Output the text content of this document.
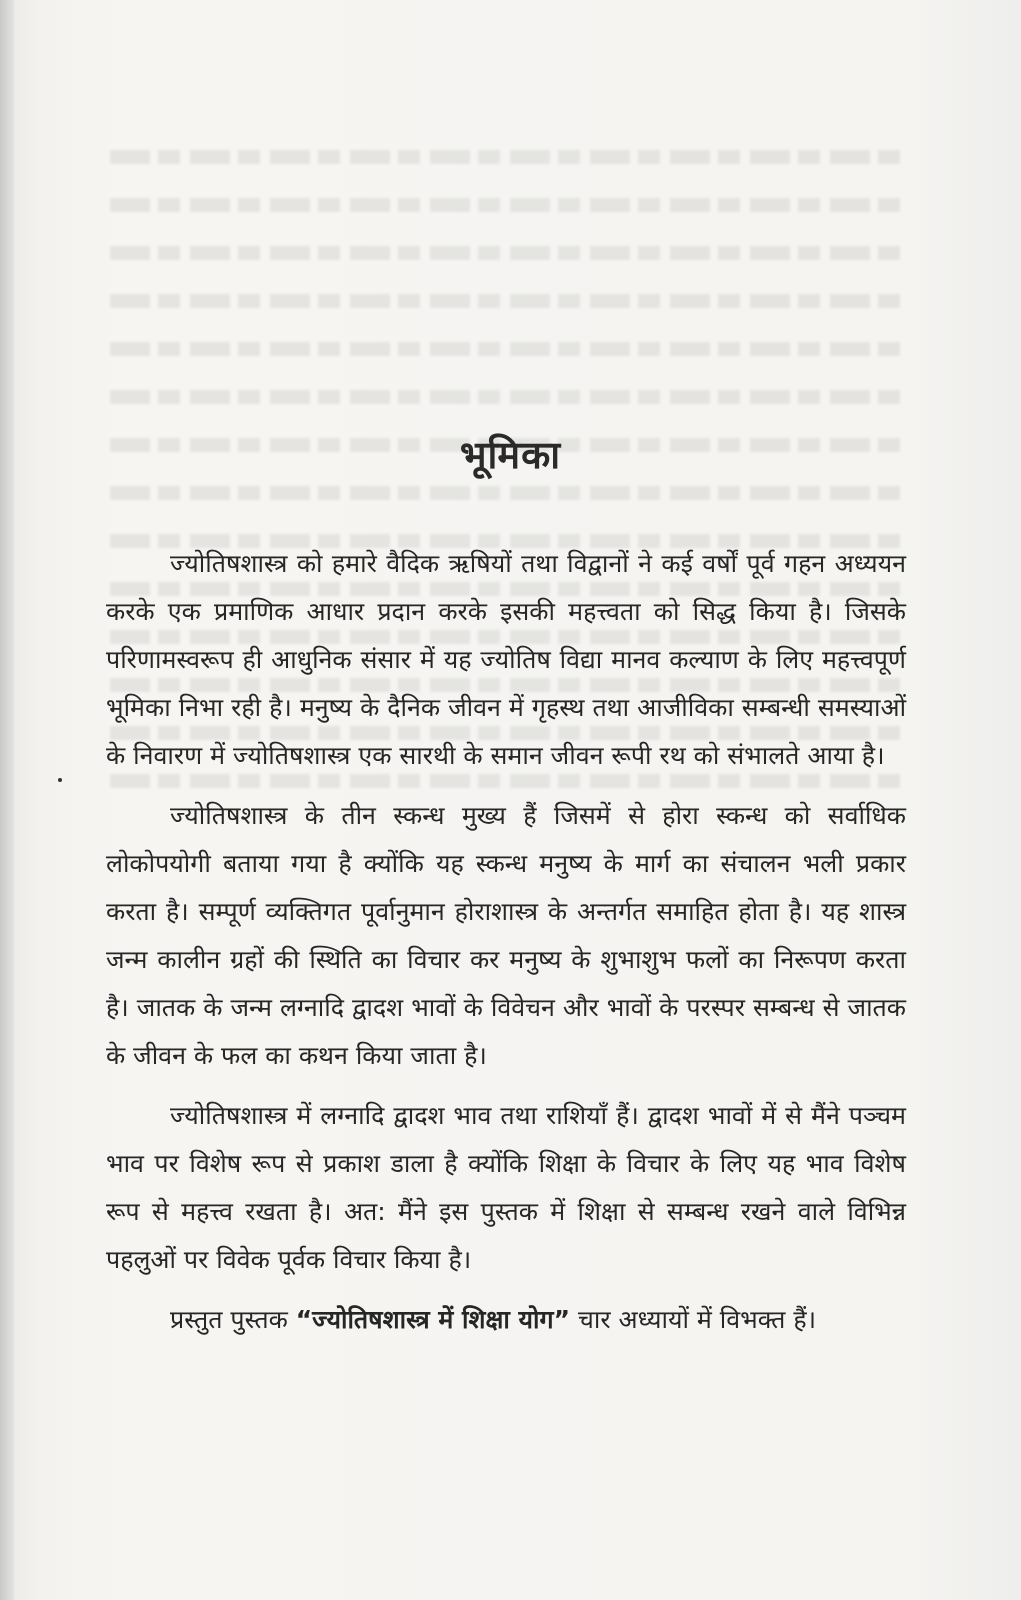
भूमिका

ज्योतिषशास्त्र को हमारे वैदिक ऋषियों तथा विद्वानों ने कई वर्षों पूर्व गहन अध्ययन करके एक प्रमाणिक आधार प्रदान करके इसकी महत्त्वता को सिद्ध किया है। जिसके परिणामस्वरूप ही आधुनिक संसार में यह ज्योतिष विद्या मानव कल्याण के लिए महत्त्वपूर्ण भूमिका निभा रही है। मनुष्य के दैनिक जीवन में गृहस्थ तथा आजीविका सम्बन्धी समस्याओं के निवारण में ज्योतिषशास्त्र एक सारथी के समान जीवन रूपी रथ को संभालते आया है।

ज्योतिषशास्त्र के तीन स्कन्ध मुख्य हैं जिसमें से होरा स्कन्ध को सर्वाधिक लोकोपयोगी बताया गया है क्योंकि यह स्कन्ध मनुष्य के मार्ग का संचालन भली प्रकार करता है। सम्पूर्ण व्यक्तिगत पूर्वानुमान होराशास्त्र के अन्तर्गत समाहित होता है। यह शास्त्र जन्म कालीन ग्रहों की स्थिति का विचार कर मनुष्य के शुभाशुभ फलों का निरूपण करता है। जातक के जन्म लग्नादि द्वादश भावों के विवेचन और भावों के परस्पर सम्बन्ध से जातक के जीवन के फल का कथन किया जाता है।

ज्योतिषशास्त्र में लग्नादि द्वादश भाव तथा राशियाँ हैं। द्वादश भावों में से मैंने पञ्चम भाव पर विशेष रूप से प्रकाश डाला है क्योंकि शिक्षा के विचार के लिए यह भाव विशेष रूप से महत्त्व रखता है। अत: मैंने इस पुस्तक में शिक्षा से सम्बन्ध रखने वाले विभिन्न पहलुओं पर विवेक पूर्वक विचार किया है।

प्रस्तुत पुस्तक “ज्योतिषशास्त्र में शिक्षा योग” चार अध्यायों में विभक्त हैं।
